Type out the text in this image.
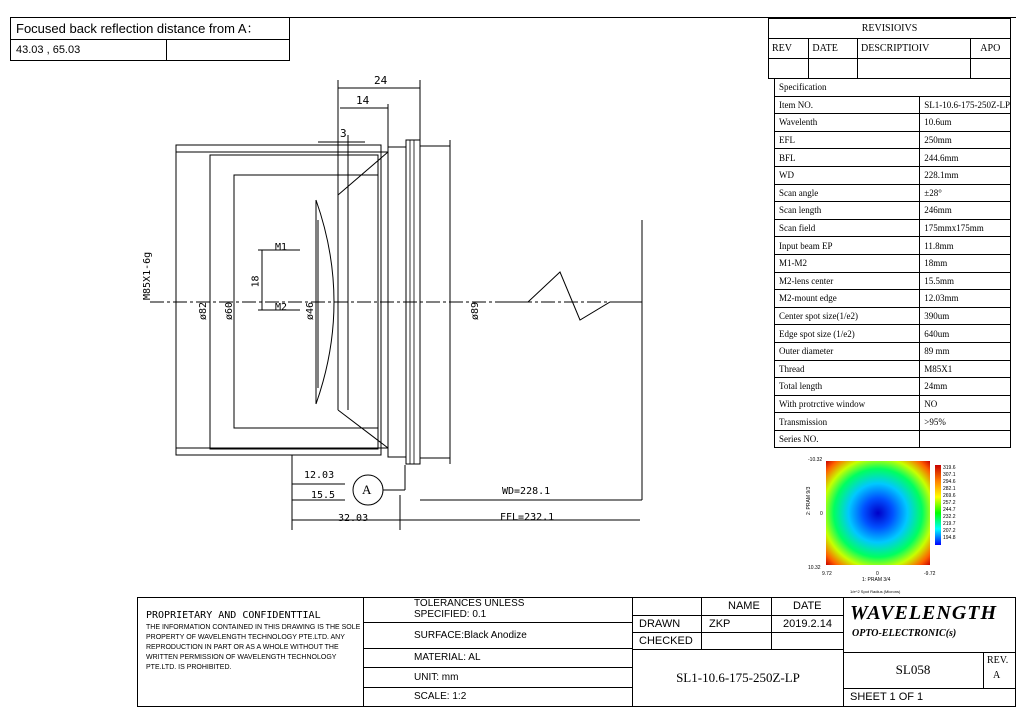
Focused back reflection distance from A：
43.03 , 65.03
24
14
3
M1
M2
18
M85X1-6g
ø82 ø60	ø46	ø89
12.03
15.5
32.03
A	WD=228.1
FFL=232.1
REVISIOIVS			
REV	DATE	DESCRIPTIOIV	APO

Specification	
Item NO.	SL1-10.6-175-250Z-LP
Wavelenth	10.6um
EFL	250mm
BFL	244.6mm
WD	228.1mm
Scan angle	±28°
Scan length	246mm
Scan field	175mmx175mm
Input beam EP	11.8mm
M1-M2	18mm
M2-lens center	15.5mm
M2-mount edge	12.03mm
Center spot size(1/e2)	390um
Edge spot size (1/e2)	640um
Outer diameter	89 mm
Thread	M85X1
Total length	24mm
With protrctive window	NO
Transmission	>95%
Series NO.	
319.6
307.1
294.6
282.1
269.6
257.2
244.7
232.2
219.7
207.2
194.8
-10.32
0
10.32
9.72	0	-9.72
1: PRAM 3/4
2: PRAM 9/3
1/e^2 Spot Radius (Microns)
PROPRIETARY AND CONFIDENTTIAL
THE INFORMATION CONTAINED IN THIS DRAWING IS THE SOLE PROPERTY OF WAVELENGTH TECHNOLOGY PTE.LTD. ANY REPRODUCTION IN PART OR AS A WHOLE WITHOUT THE WRITTEN PERMISSION OF WAVELENGTH TECHNOLOGY PTE.LTD. IS PROHIBITED.
TOLERANCES UNLESS
SPECIFIED: 0.1
SURFACE:Black Anodize
MATERIAL: AL
UNIT: mm
SCALE: 1:2
NAME	DATE
DRAWN	ZKP	2019.2.14
CHECKED
SL1-10.6-175-250Z-LP
WAVELENGTH
OPTO-ELECTRONIC(s)
SL058
REV.
A
SHEET 1 OF 1
